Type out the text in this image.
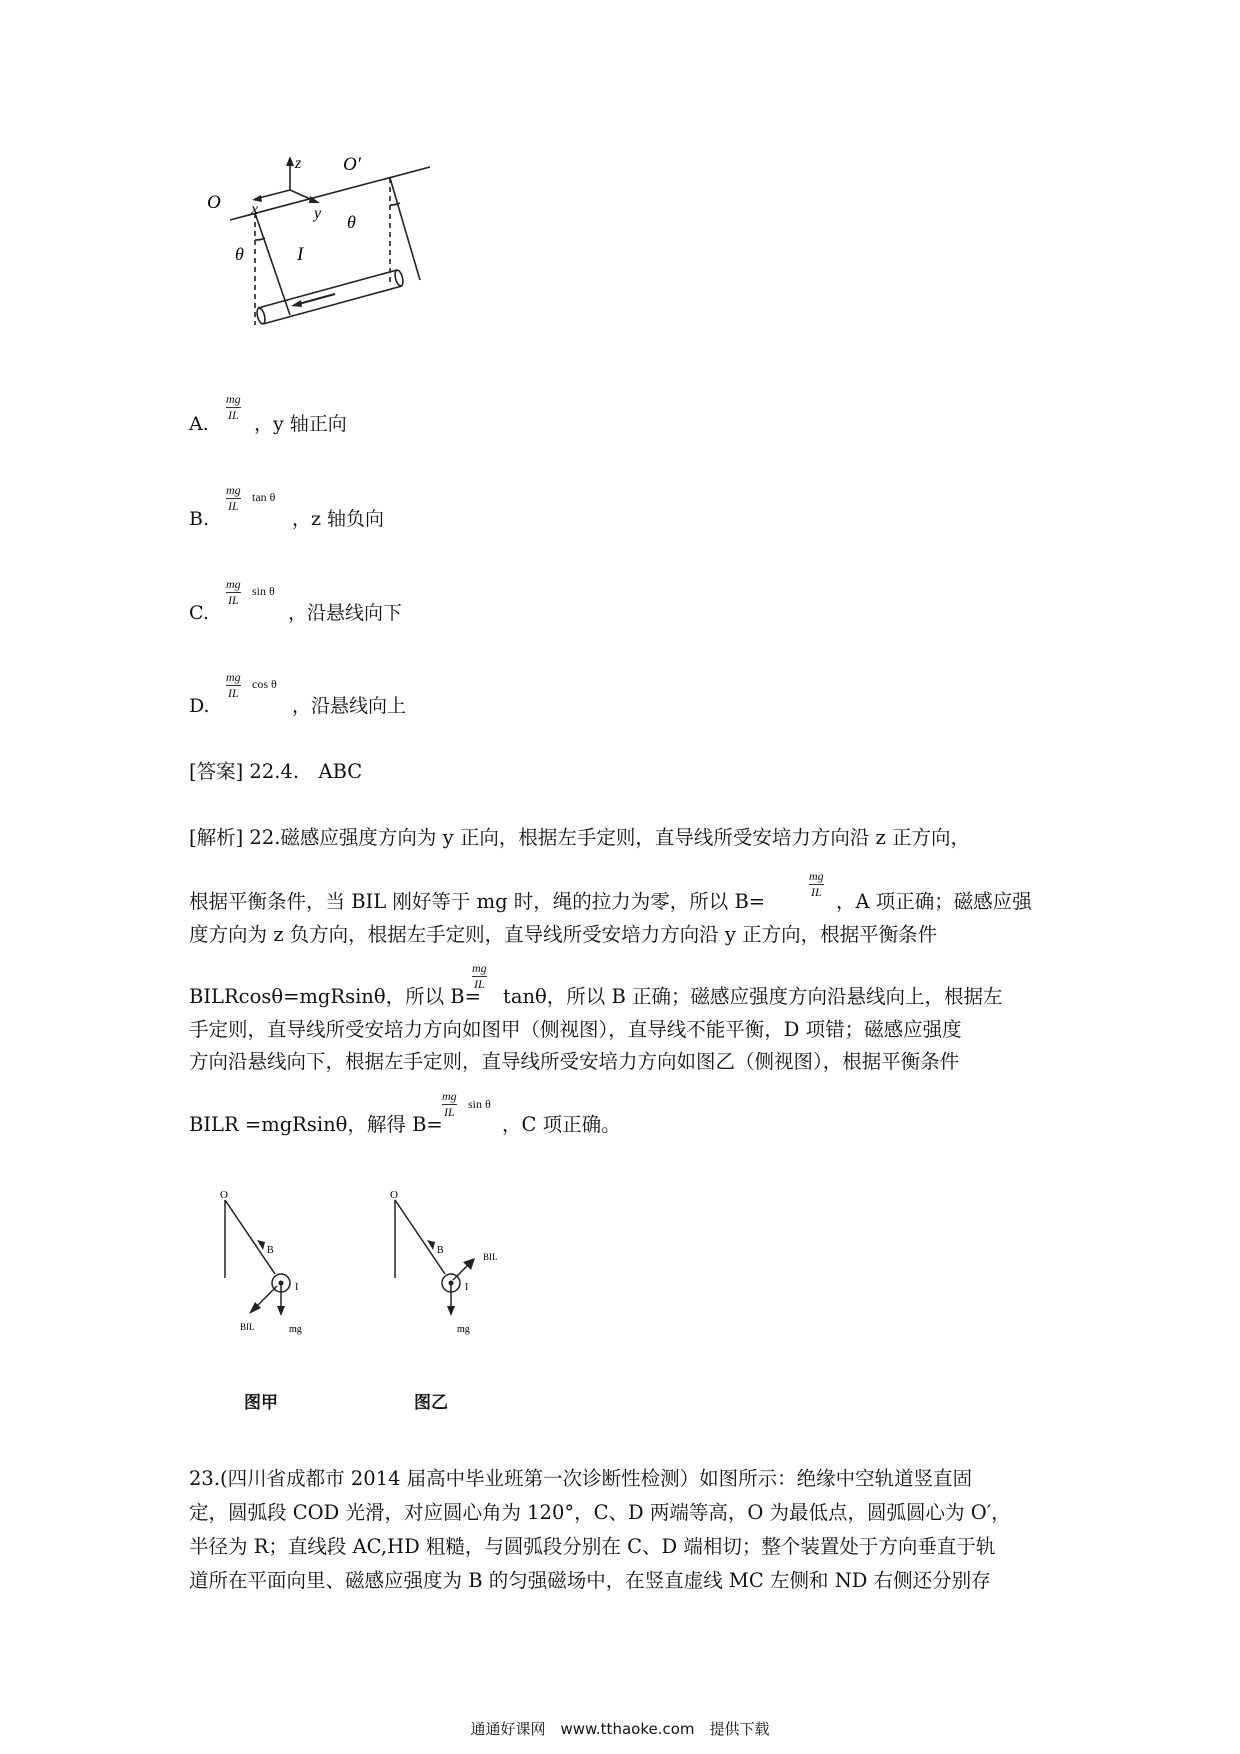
O
O′
z
y
x
θ
θ
I
A.
mg
IL ，y 轴正向
B.
mg
IL
tan θ
，z 轴负向
C.
mg
IL
sin θ
，沿悬线向下
D.
mg
IL
cos θ
，沿悬线向上
[答案] 22.4.　ABC
[解析] 22.磁感应强度方向为 y 正向，根据左手定则，直导线所受安培力方向沿 z 正方向，
根据平衡条件，当 BIL 刚好等于 mg 时，绳的拉力为零，所以 B=
mg
IL ，A 项正确；磁感应强
度方向为 z 负方向，根据左手定则，直导线所受安培力方向沿 y 正方向，根据平衡条件
BILRcosθ=mgRsinθ，所以 B=
mg
IL
tanθ，所以 B 正确；磁感应强度方向沿悬线向上，根据左
手定则，直导线所受安培力方向如图甲（侧视图），直导线不能平衡，D 项错；磁感应强度
方向沿悬线向下，根据左手定则，直导线所受安培力方向如图乙（侧视图），根据平衡条件
BILR =mgRsinθ，解得 B=
mg
IL
sin θ
，C 项正确。
O
B
I
BIL	mg
图甲
O
B
I
BIL
mg
图乙
23.(四川省成都市 2014 届高中毕业班第一次诊断性检测）如图所示：绝缘中空轨道竖直固
定，圆弧段 COD 光滑，对应圆心角为 120°，C、D 两端等高，O 为最低点，圆弧圆心为 O′，
半径为 R；直线段 AC,HD 粗糙，与圆弧段分别在 C、D 端相切；整个装置处于方向垂直于轨
道所在平面向里、磁感应强度为 B 的匀强磁场中，在竖直虚线 MC 左侧和 ND 右侧还分别存
通通好课网　www.tthaoke.com　提供下载
